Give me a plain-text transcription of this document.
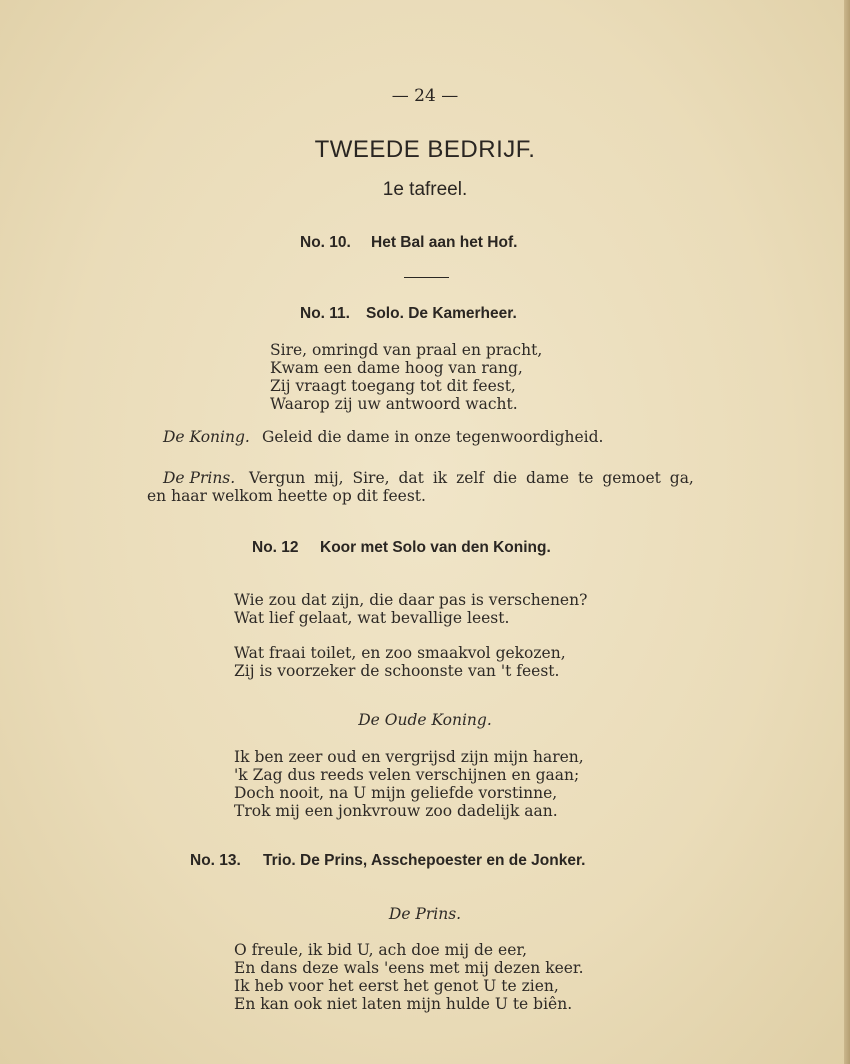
— 24 —
TWEEDE BEDRIJF.
1e tafreel.
No. 10. Het Bal aan het Hof.
No. 11. Solo. De Kamerheer.
Sire, omringd van praal en pracht,
Kwam een dame hoog van rang,
Zij vraagt toegang tot dit feest,
Waarop zij uw antwoord wacht.
De Koning. Geleid die dame in onze tegenwoordigheid.
De Prins. Vergun mij, Sire, dat ik zelf die dame te gemoet ga,
en haar welkom heette op dit feest.
No. 12 Koor met Solo van den Koning.
Wie zou dat zijn, die daar pas is verschenen?
Wat lief gelaat, wat bevallige leest.
Wat fraai toilet, en zoo smaakvol gekozen,
Zij is voorzeker de schoonste van 't feest.
De Oude Koning.
Ik ben zeer oud en vergrijsd zijn mijn haren,
'k Zag dus reeds velen verschijnen en gaan;
Doch nooit, na U mijn geliefde vorstinne,
Trok mij een jonkvrouw zoo dadelijk aan.
No. 13. Trio. De Prins, Asschepoester en de Jonker.
De Prins.
O freule, ik bid U, ach doe mij de eer,
En dans deze wals 'eens met mij dezen keer.
Ik heb voor het eerst het genot U te zien,
En kan ook niet laten mijn hulde U te biên.
